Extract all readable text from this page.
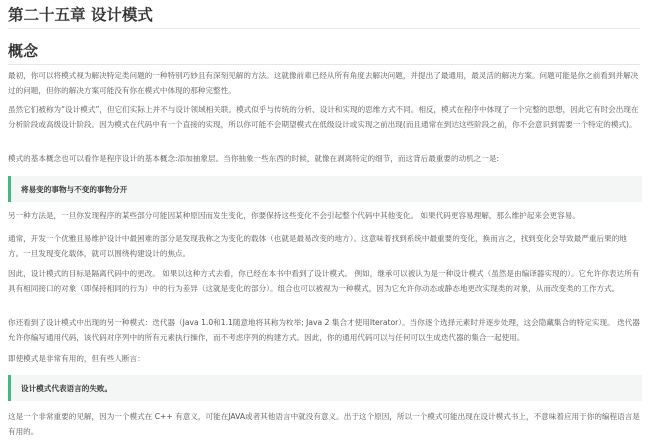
第二十五章 设计模式
概念

最初，你可以将模式视为解决特定类问题的一种特别巧妙且有深刻见解的方法。这就像前辈已经从所有角度去解决问题，并提出了最通用，最灵活的解决方案。问题可能是你之前看到并解决过的问题，但你的解决方案可能没有你在模式中体现的那种完整性。

虽然它们被称为“设计模式”，但它们实际上并不与设计领域相关联。模式似乎与传统的分析、设计和实现的思维方式不同。相反，模式在程序中体现了一个完整的思想，因此它有时会出现在分析阶段或高级设计阶段。因为模式在代码中有一个直接的实现，所以你可能不会期望模式在低级设计或实现之前出现(而且通常在到达这些阶段之前，你不会意识到需要一个特定的模式)。

模式的基本概念也可以看作是程序设计的基本概念:添加抽象层。当你抽象一些东西的时候，就像在剥离特定的细节，而这背后最重要的动机之一是:

将易变的事物与不变的事物分开

另一种方法是，一旦你发现程序的某些部分可能因某种原因而发生变化，你要保持这些变化不会引起整个代码中其他变化。 如果代码更容易理解，那么维护起来会更容易。

通常，开发一个优雅且易维护设计中最困难的部分是发现我称之为变化的载体（也就是最易改变的地方）。这意味着找到系统中最重要的变化，换而言之，找到变化会导致最严重后果的地方。一旦发现变化载体，就可以围绕构建设计的焦点。

因此，设计模式的目标是隔离代码中的更改。 如果以这种方式去看，你已经在本书中看到了设计模式。 例如，继承可以被认为是一种设计模式（虽然是由编译器实现的）。它允许你表达所有具有相同接口的对象（即保持相同的行为）中的行为差异（这就是变化的部分）。组合也可以被视为一种模式，因为它允许你动态或静态地更改实现类的对象，从而改变类的工作方式。

你还看到了设计模式中出现的另一种模式：迭代器（Java 1.0和1.1随意地将其称为枚举; Java 2 集合才使用Iterator）。当你逐个选择元素时并逐步处理，这会隐藏集合的特定实现。 迭代器允许你编写通用代码，该代码对序列中的所有元素执行操作，而不考虑序列的构建方式。因此，你的通用代码可以与任何可以生成迭代器的集合一起使用。

即使模式是非常有用的，但有些人断言：

设计模式代表语言的失败。

这是一个非常重要的见解，因为一个模式在 C++ 有意义，可能在JAVA或者其他语言中就没有意义。出于这个原因，所以一个模式可能出现在设计模式书上，不意味着应用于你的编程语言是有用的。
